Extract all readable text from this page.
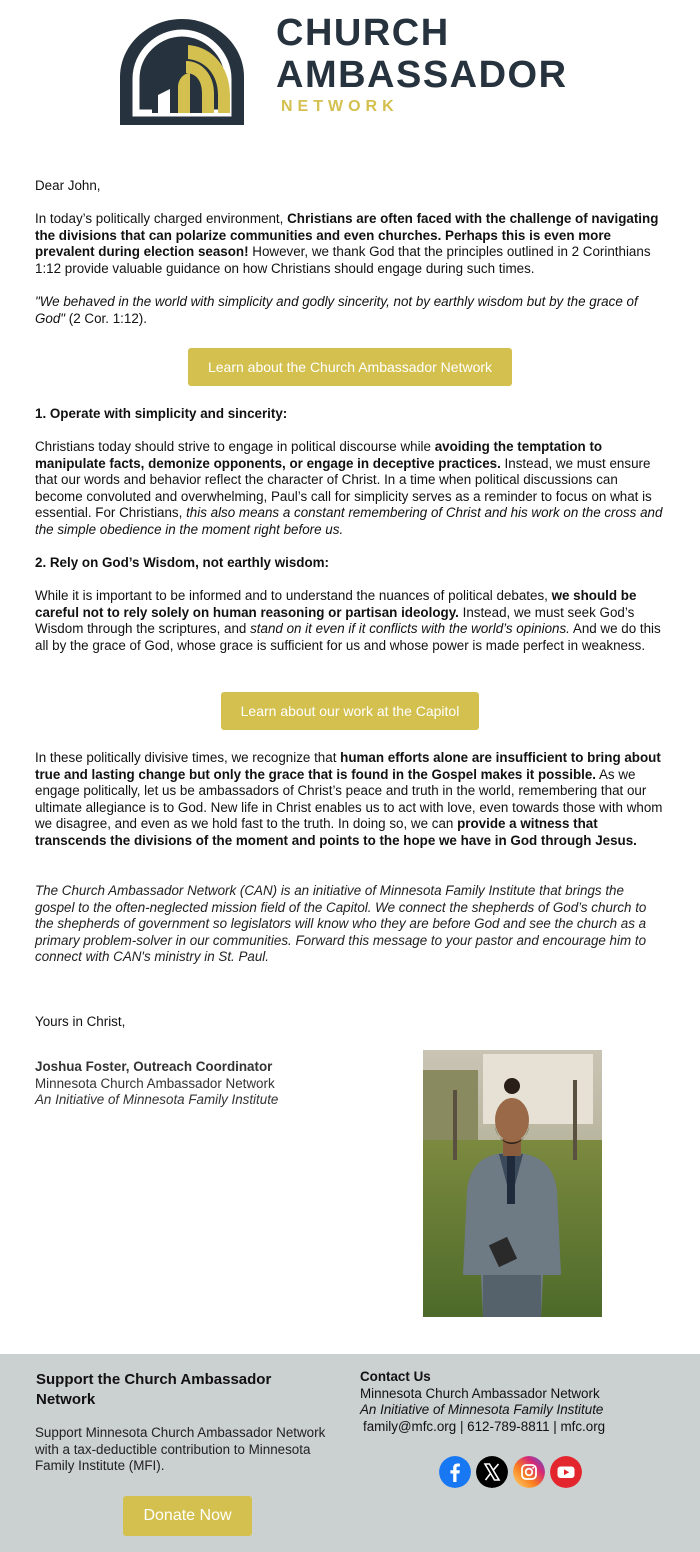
CHURCH
AMBASSADOR
NETWORK

Dear John,

In today’s politically charged environment, Christians are often faced with the challenge of navigating the divisions that can polarize communities and even churches. Perhaps this is even more prevalent during election season! However, we thank God that the principles outlined in 2 Corinthians 1:12 provide valuable guidance on how Christians should engage during such times.

"We behaved in the world with simplicity and godly sincerity, not by earthly wisdom but by the grace of God" (2 Cor. 1:12).

Learn about the Church Ambassador Network

1. Operate with simplicity and sincerity:

Christians today should strive to engage in political discourse while avoiding the temptation to manipulate facts, demonize opponents, or engage in deceptive practices. Instead, we must ensure that our words and behavior reflect the character of Christ. In a time when political discussions can become convoluted and overwhelming, Paul’s call for simplicity serves as a reminder to focus on what is essential. For Christians, this also means a constant remembering of Christ and his work on the cross and the simple obedience in the moment right before us.

2. Rely on God’s Wisdom, not earthly wisdom:

While it is important to be informed and to understand the nuances of political debates, we should be careful not to rely solely on human reasoning or partisan ideology. Instead, we must seek God’s Wisdom through the scriptures, and stand on it even if it conflicts with the world’s opinions. And we do this all by the grace of God, whose grace is sufficient for us and whose power is made perfect in weakness.

Learn about our work at the Capitol

In these politically divisive times, we recognize that human efforts alone are insufficient to bring about true and lasting change but only the grace that is found in the Gospel makes it possible. As we engage politically, let us be ambassadors of Christ’s peace and truth in the world, remembering that our ultimate allegiance is to God. New life in Christ enables us to act with love, even towards those with whom we disagree, and even as we hold fast to the truth. In doing so, we can provide a witness that transcends the divisions of the moment and points to the hope we have in God through Jesus.

The Church Ambassador Network (CAN) is an initiative of Minnesota Family Institute that brings the gospel to the often-neglected mission field of the Capitol. We connect the shepherds of God’s church to the shepherds of government so legislators will know who they are before God and see the church as a primary problem-solver in our communities. Forward this message to your pastor and encourage him to connect with CAN's ministry in St. Paul.

Yours in Christ,

Joshua Foster, Outreach Coordinator
Minnesota Church Ambassador Network
An Initiative of Minnesota Family Institute
Support the Church Ambassador Network

Support Minnesota Church Ambassador Network with a tax-deductible contribution to Minnesota Family Institute (MFI).

Donate Now
Contact Us
Minnesota Church Ambassador Network
An Initiative of Minnesota Family Institute
family@mfc.org | 612-789-8811 | mfc.org
